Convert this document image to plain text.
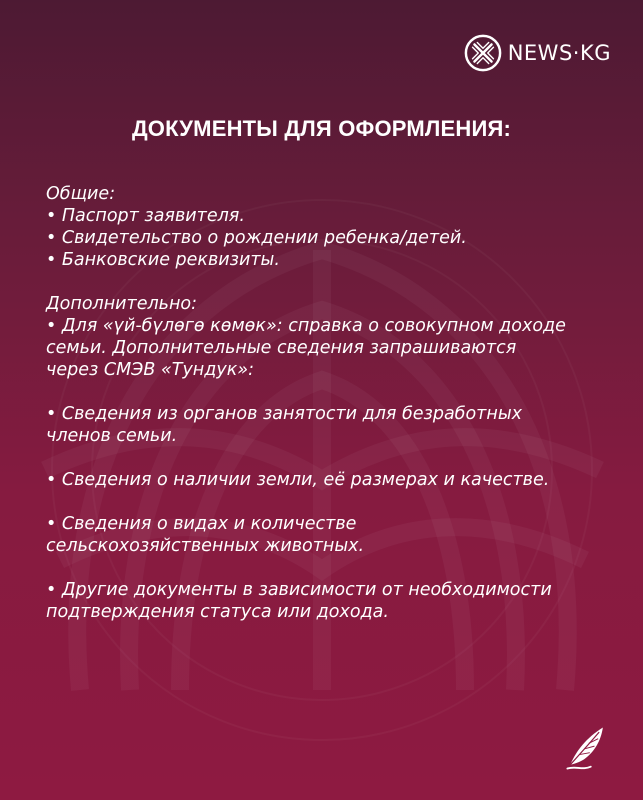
NEWS·KG
ДОКУМЕНТЫ ДЛЯ ОФОРМЛЕНИЯ:

Общие:

• Паспорт заявителя.

• Свидетельство о рождении ребенка/детей.

• Банковские реквизиты.

Дополнительно:

• Для «үй-бүлөгө көмөк»: справка о совокупном доходе

семьи. Дополнительные сведения запрашиваются

через СМЭВ «Тундук»:

• Сведения из органов занятости для безработных

членов семьи.

• Сведения о наличии земли, её размерах и качестве.

• Сведения о видах и количестве

сельскохозяйственных животных.

• Другие документы в зависимости от необходимости

подтверждения статуса или дохода.
